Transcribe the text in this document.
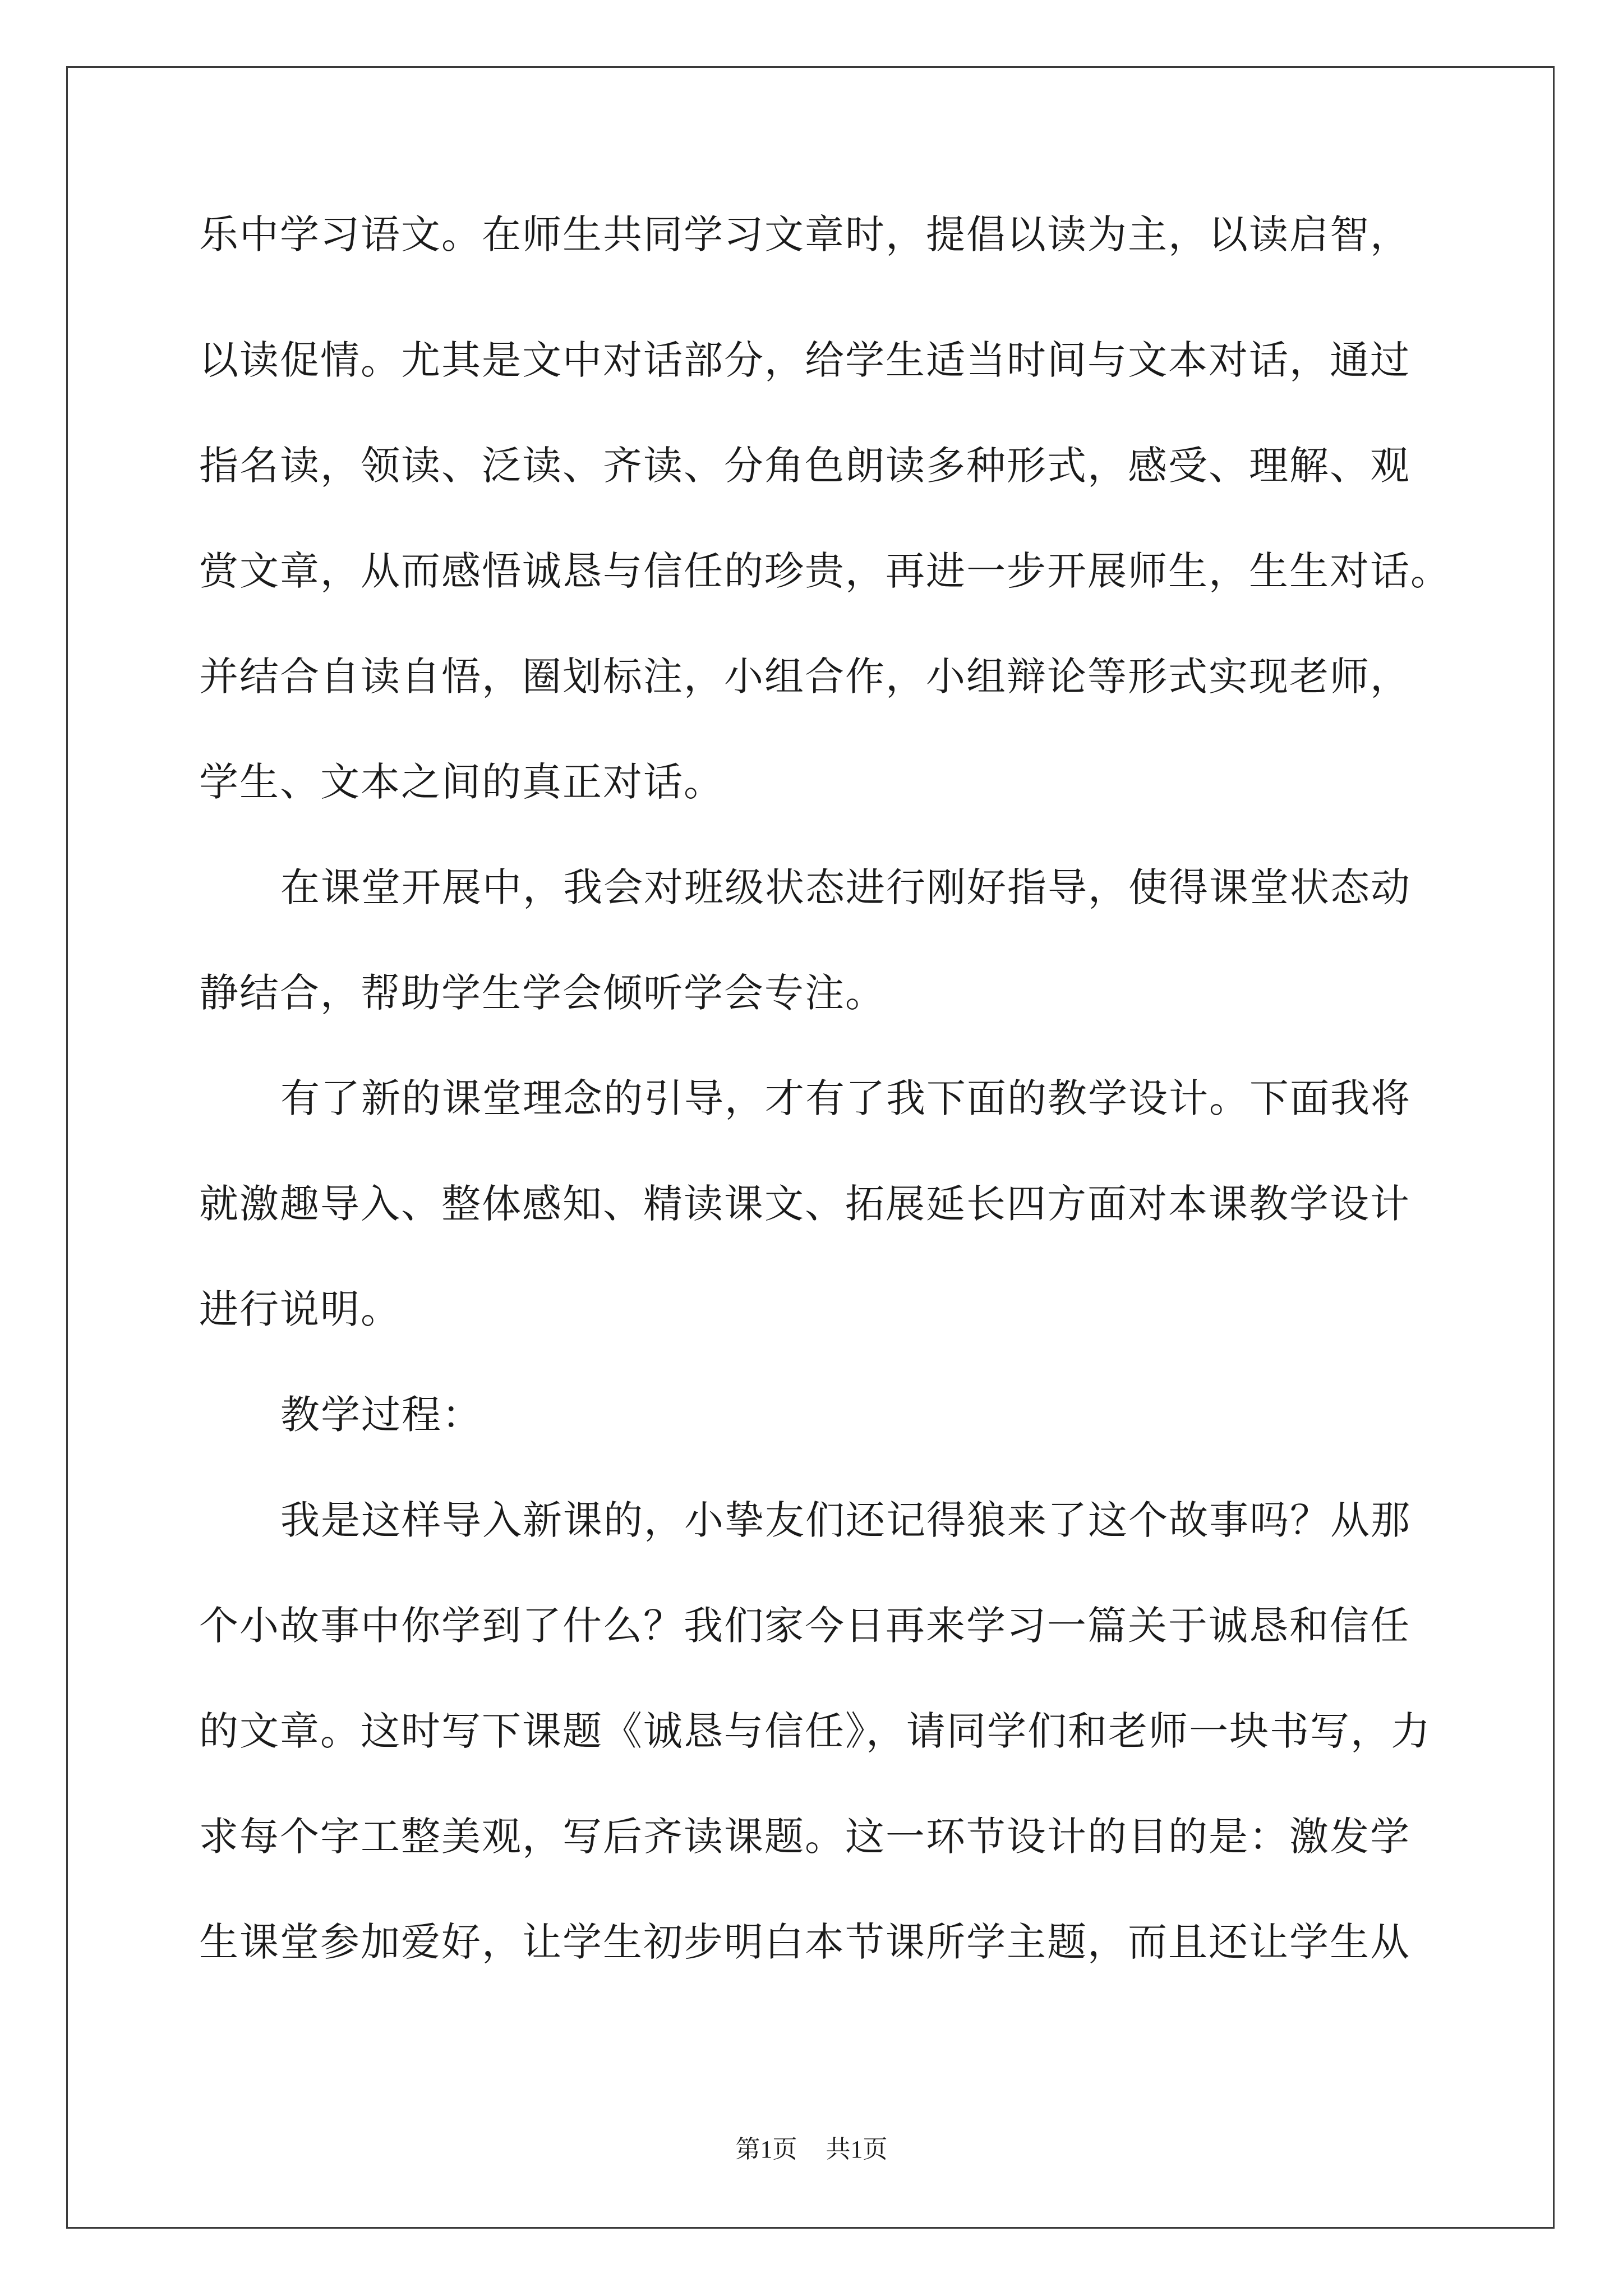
乐中学习语文。在师生共同学习文章时，提倡以读为主，以读启智，
以读促情。尤其是文中对话部分，给学生适当时间与文本对话，通过
指名读，领读、泛读、齐读、分角色朗读多种形式，感受、理解、观
赏文章，从而感悟诚恳与信任的珍贵，再进一步开展师生，生生对话。
并结合自读自悟，圈划标注，小组合作，小组辩论等形式实现老师，
学生、文本之间的真正对话。
在课堂开展中，我会对班级状态进行刚好指导，使得课堂状态动
静结合，帮助学生学会倾听学会专注。
有了新的课堂理念的引导，才有了我下面的教学设计。下面我将
就激趣导入、整体感知、精读课文、拓展延长四方面对本课教学设计
进行说明。
教学过程：
我是这样导入新课的，小挚友们还记得狼来了这个故事吗？从那
个小故事中你学到了什么？我们家今日再来学习一篇关于诚恳和信任
的文章。这时写下课题《诚恳与信任》，请同学们和老师一块书写，力
求每个字工整美观，写后齐读课题。这一环节设计的目的是：激发学
生课堂参加爱好，让学生初步明白本节课所学主题，而且还让学生从
第1页 共1页
